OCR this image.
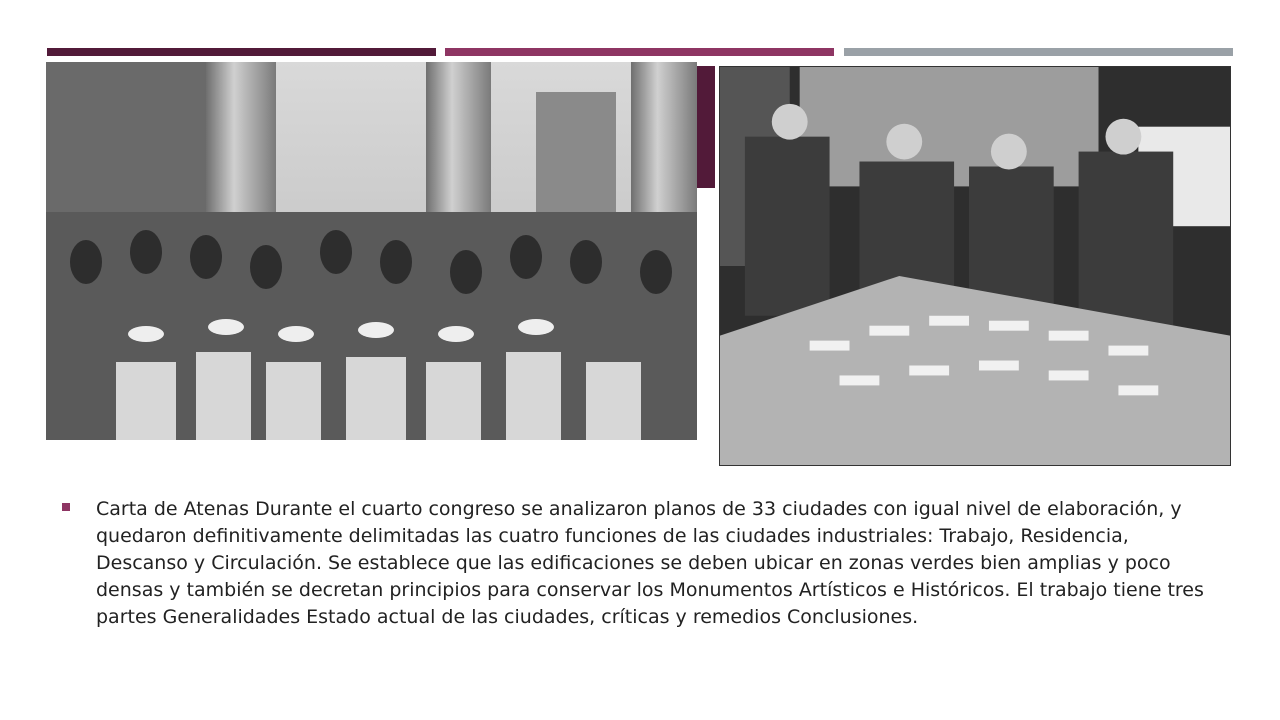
Carta de Atenas Durante el cuarto congreso se analizaron planos de 33 ciudades con igual nivel de elaboración, y quedaron definitivamente delimitadas las cuatro funciones de las ciudades industriales: Trabajo, Residencia, Descanso y Circulación. Se establece que las edificaciones se deben ubicar en zonas verdes bien amplias y poco densas y también se decretan principios para conservar los Monumentos Artísticos e Históricos. El trabajo tiene tres partes Generalidades Estado actual de las ciudades, críticas y remedios Conclusiones.
